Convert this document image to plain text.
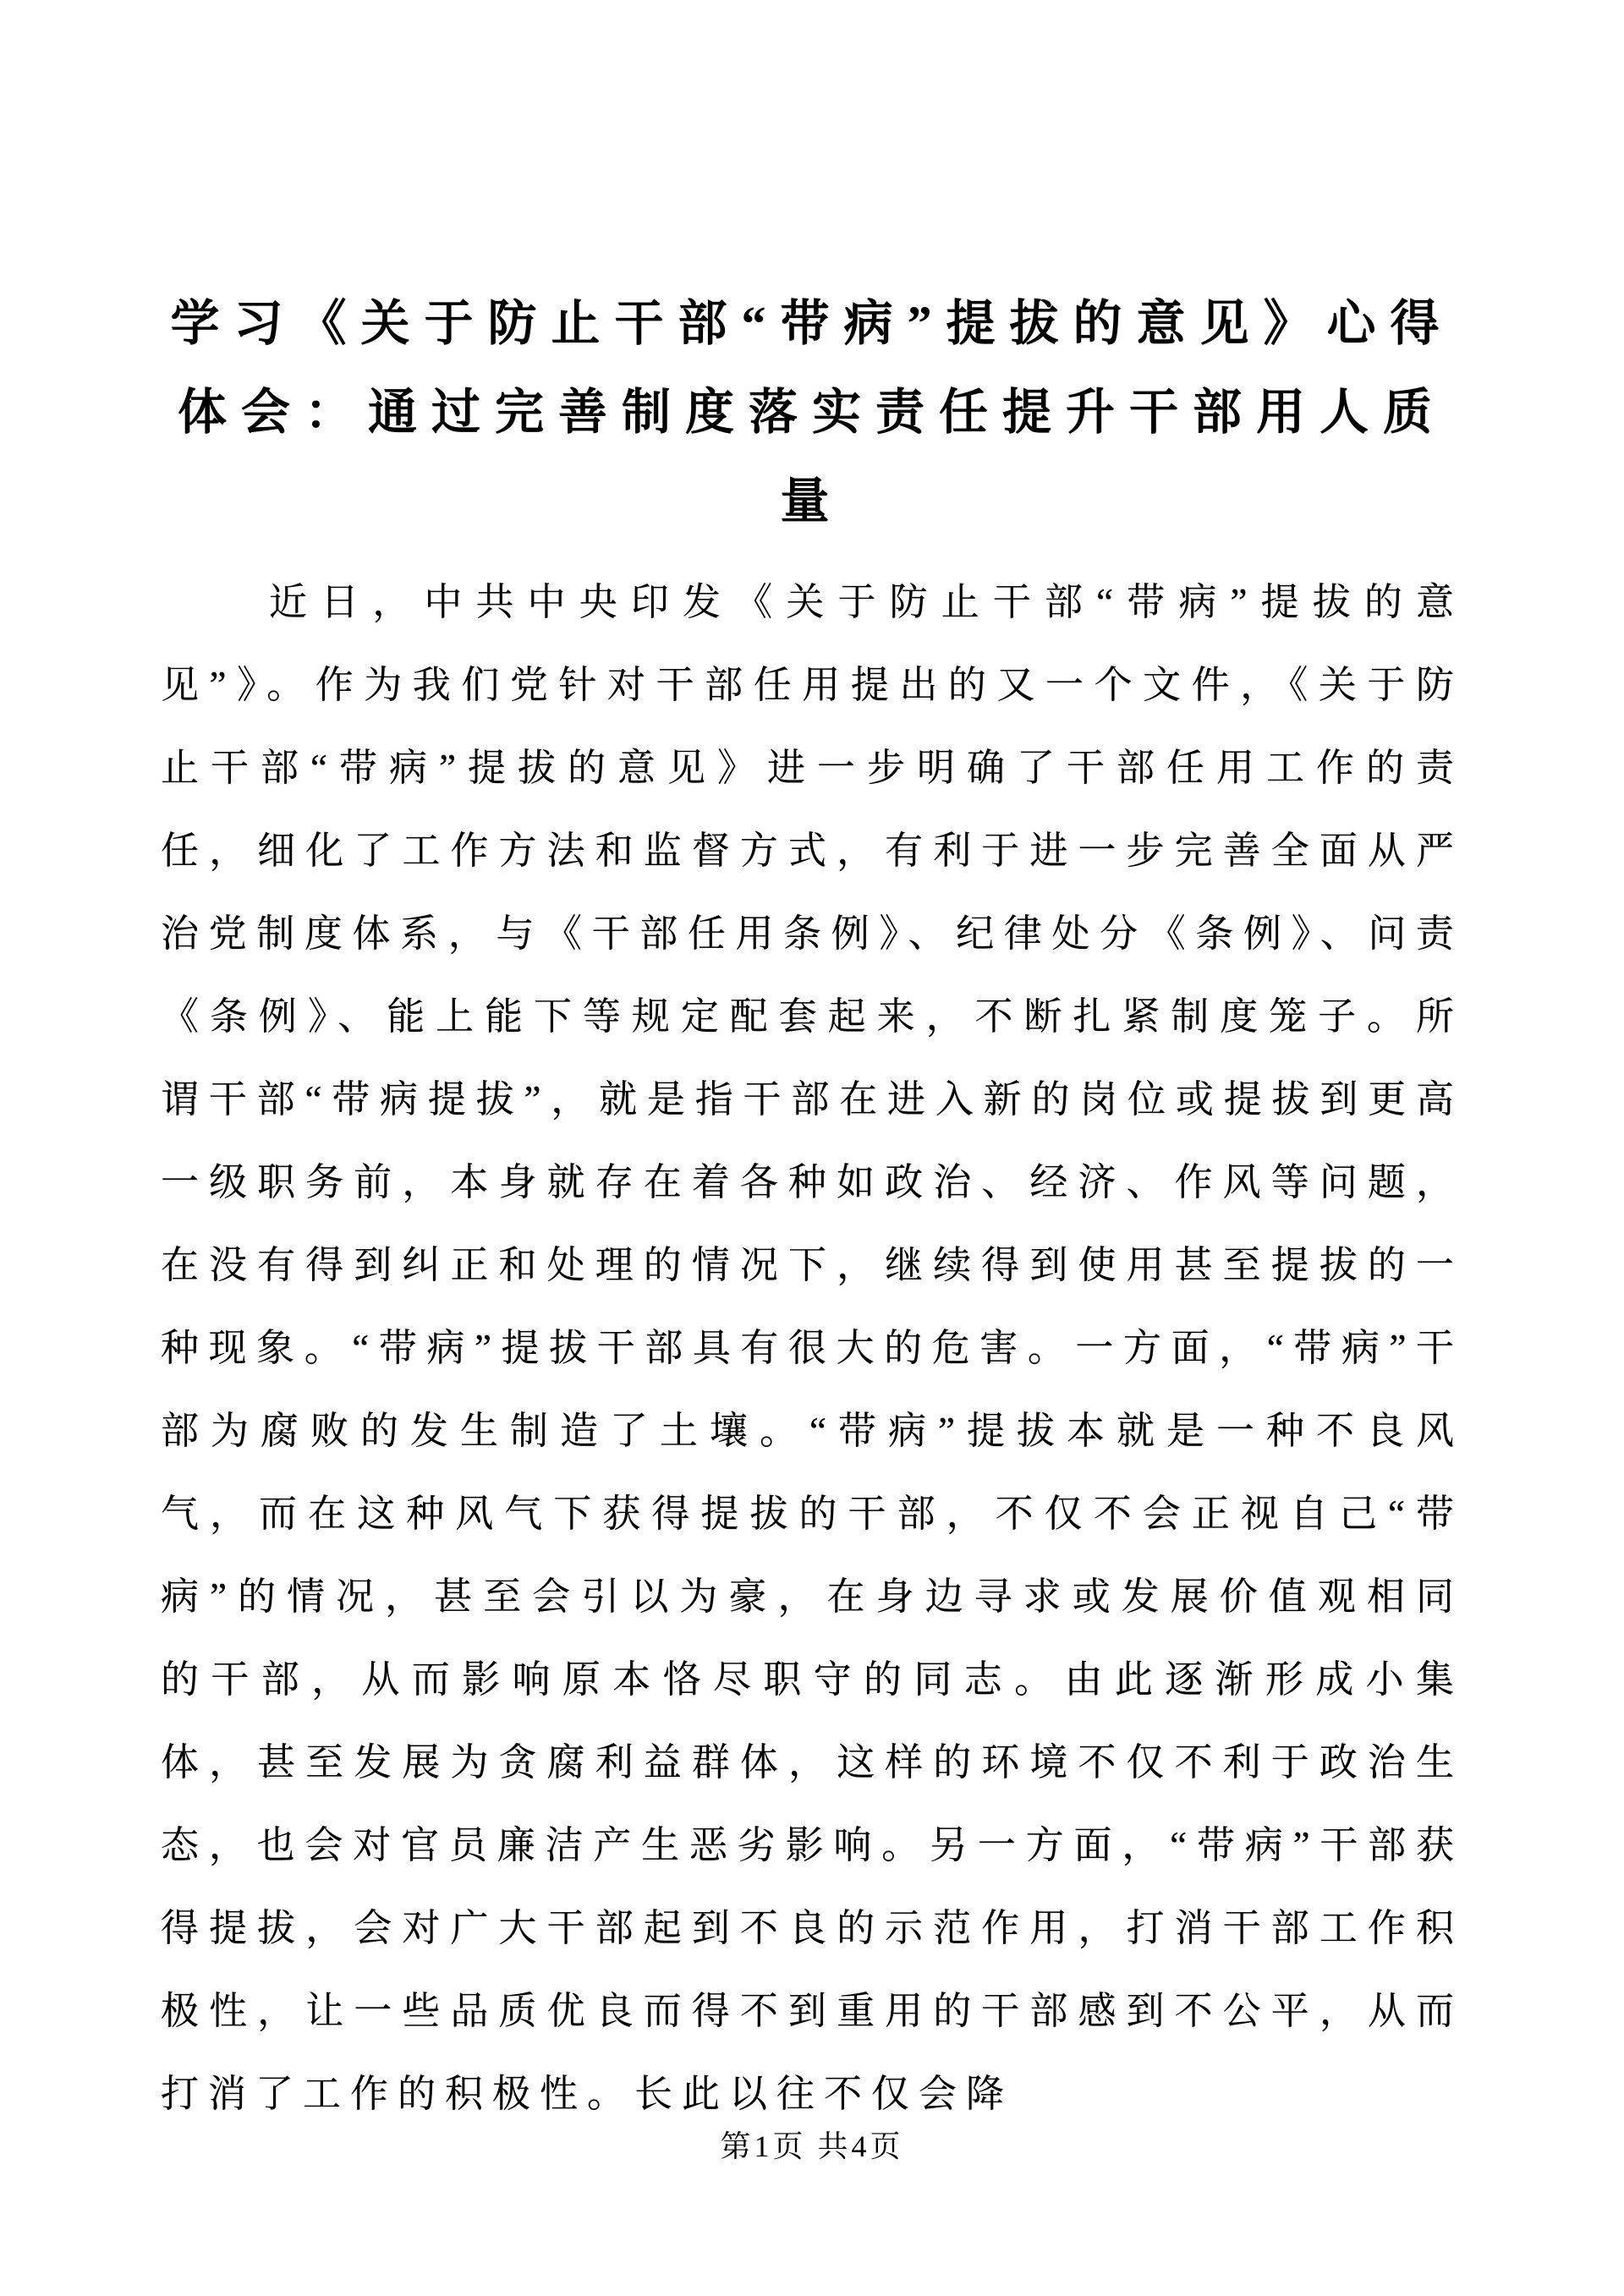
学习《关于防止干部“带病”提拔的意见》心得体会：通过完善制度落实责任提升干部用人质量

近日，中共中央印发《关于防止干部“带病”提拔的意见”》。作为我们党针对干部任用提出的又一个文件，《关于防止干部“带病”提拔的意见》进一步明确了干部任用工作的责任，细化了工作方法和监督方式，有利于进一步完善全面从严治党制度体系，与《干部任用条例》、纪律处分《条例》、问责《条例》、能上能下等规定配套起来，不断扎紧制度笼子。所谓干部“带病提拔”，就是指干部在进入新的岗位或提拔到更高一级职务前，本身就存在着各种如政治、经济、作风等问题，在没有得到纠正和处理的情况下，继续得到使用甚至提拔的一种现象。“带病”提拔干部具有很大的危害。一方面，“带病”干部为腐败的发生制造了土壤。“带病”提拔本就是一种不良风气，而在这种风气下获得提拔的干部，不仅不会正视自己“带病”的情况，甚至会引以为豪，在身边寻求或发展价值观相同的干部，从而影响原本恪尽职守的同志。由此逐渐形成小集体，甚至发展为贪腐利益群体，这样的环境不仅不利于政治生态，也会对官员廉洁产生恶劣影响。另一方面，“带病”干部获得提拔，会对广大干部起到不良的示范作用，打消干部工作积极性，让一些品质优良而得不到重用的干部感到不公平，从而打消了工作的积极性。长此以往不仅会降

第1页 共4页
